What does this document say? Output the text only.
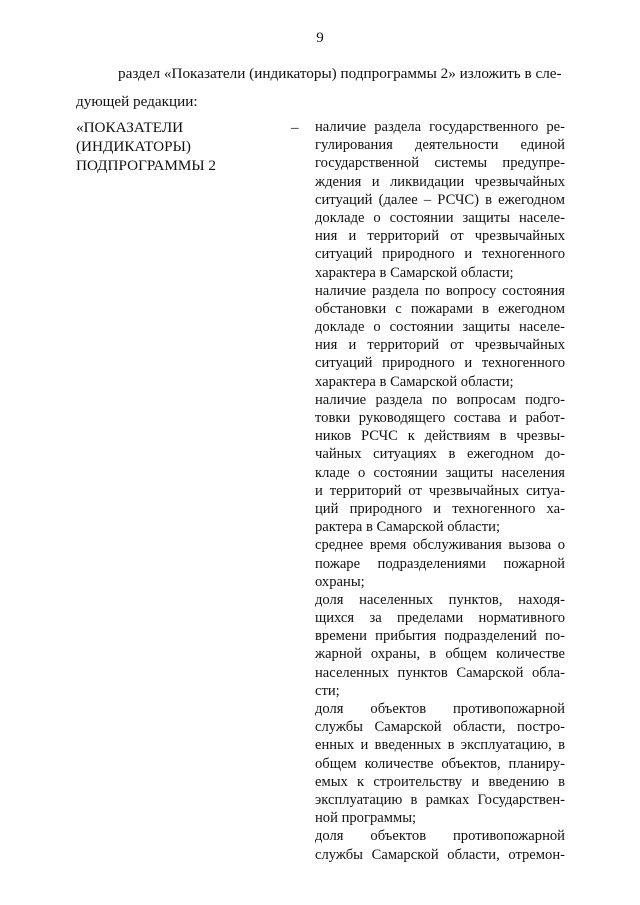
9
раздел «Показатели (индикаторы) подпрограммы 2» изложить в сле-
дующей редакции:
«ПОКАЗАТЕЛИ
(ИНДИКАТОРЫ)
ПОДПРОГРАММЫ 2
– наличие раздела государственного ре-
гулирования деятельности единой
государственной системы предупре-
ждения и ликвидации чрезвычайных
ситуаций (далее – РСЧС) в ежегодном
докладе о состоянии защиты населе-
ния и территорий от чрезвычайных
ситуаций природного и техногенного
характера в Самарской области;
наличие раздела по вопросу состояния
обстановки с пожарами в ежегодном
докладе о состоянии защиты населе-
ния и территорий от чрезвычайных
ситуаций природного и техногенного
характера в Самарской области;
наличие раздела по вопросам подго-
товки руководящего состава и работ-
ников РСЧС к действиям в чрезвы-
чайных ситуациях в ежегодном до-
кладе о состоянии защиты населения
и территорий от чрезвычайных ситуа-
ций природного и техногенного ха-
рактера в Самарской области;
среднее время обслуживания вызова о
пожаре подразделениями пожарной
охраны;
доля населенных пунктов, находя-
щихся за пределами нормативного
времени прибытия подразделений по-
жарной охраны, в общем количестве
населенных пунктов Самарской обла-
сти;
доля объектов противопожарной
службы Самарской области, постро-
енных и введенных в эксплуатацию, в
общем количестве объектов, планиру-
емых к строительству и введению в
эксплуатацию в рамках Государствен-
ной программы;
доля объектов противопожарной
службы Самарской области, отремон-
